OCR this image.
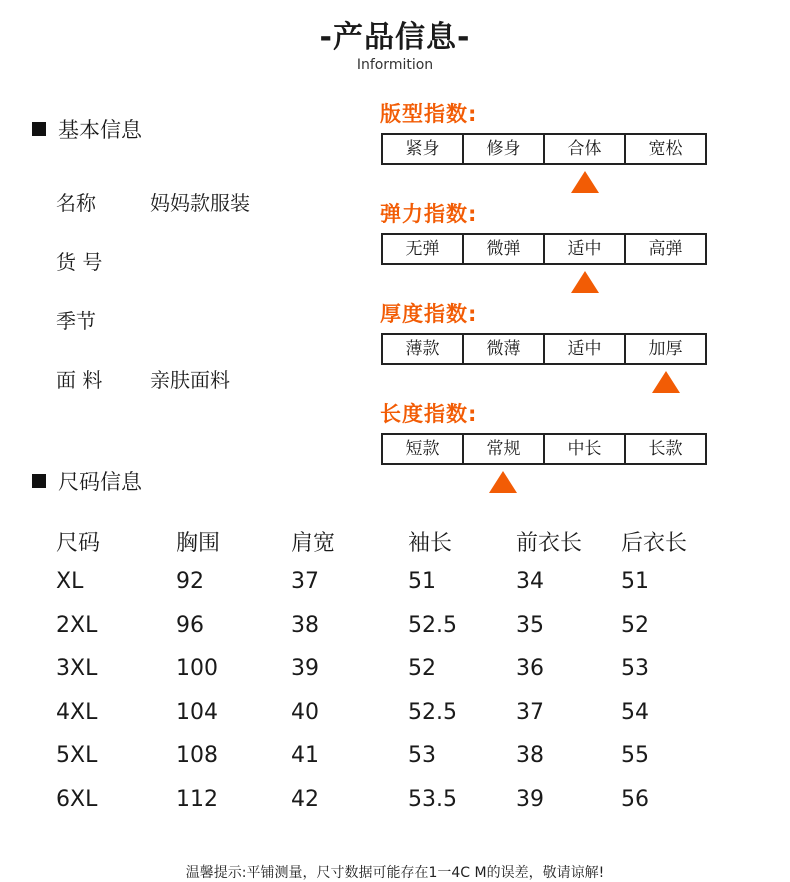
-产品信息-
Informition
基本信息
名称	妈妈款服装
货 号
季节
面 料 亲肤面料
版型指数:
紧身	修身	合体	宽松
弹力指数:
无弹	微弹	适中	高弹
厚度指数:
薄款	微薄	适中	加厚
长度指数:
短款	常规	中长	长款
尺码信息
尺码	胸围	肩宽	袖长	前衣长 后衣长
XL	92	37	51	34	51
2XL	96	38	52.5	35	52
3XL	100	39	52	36	53
4XL	104	40	52.5	37	54
5XL	108	41	53	38	55
6XL	112	42	53.5	39	56
温馨提示:平铺测量，尺寸数据可能存在1一4C M的误差，敬请谅解!
